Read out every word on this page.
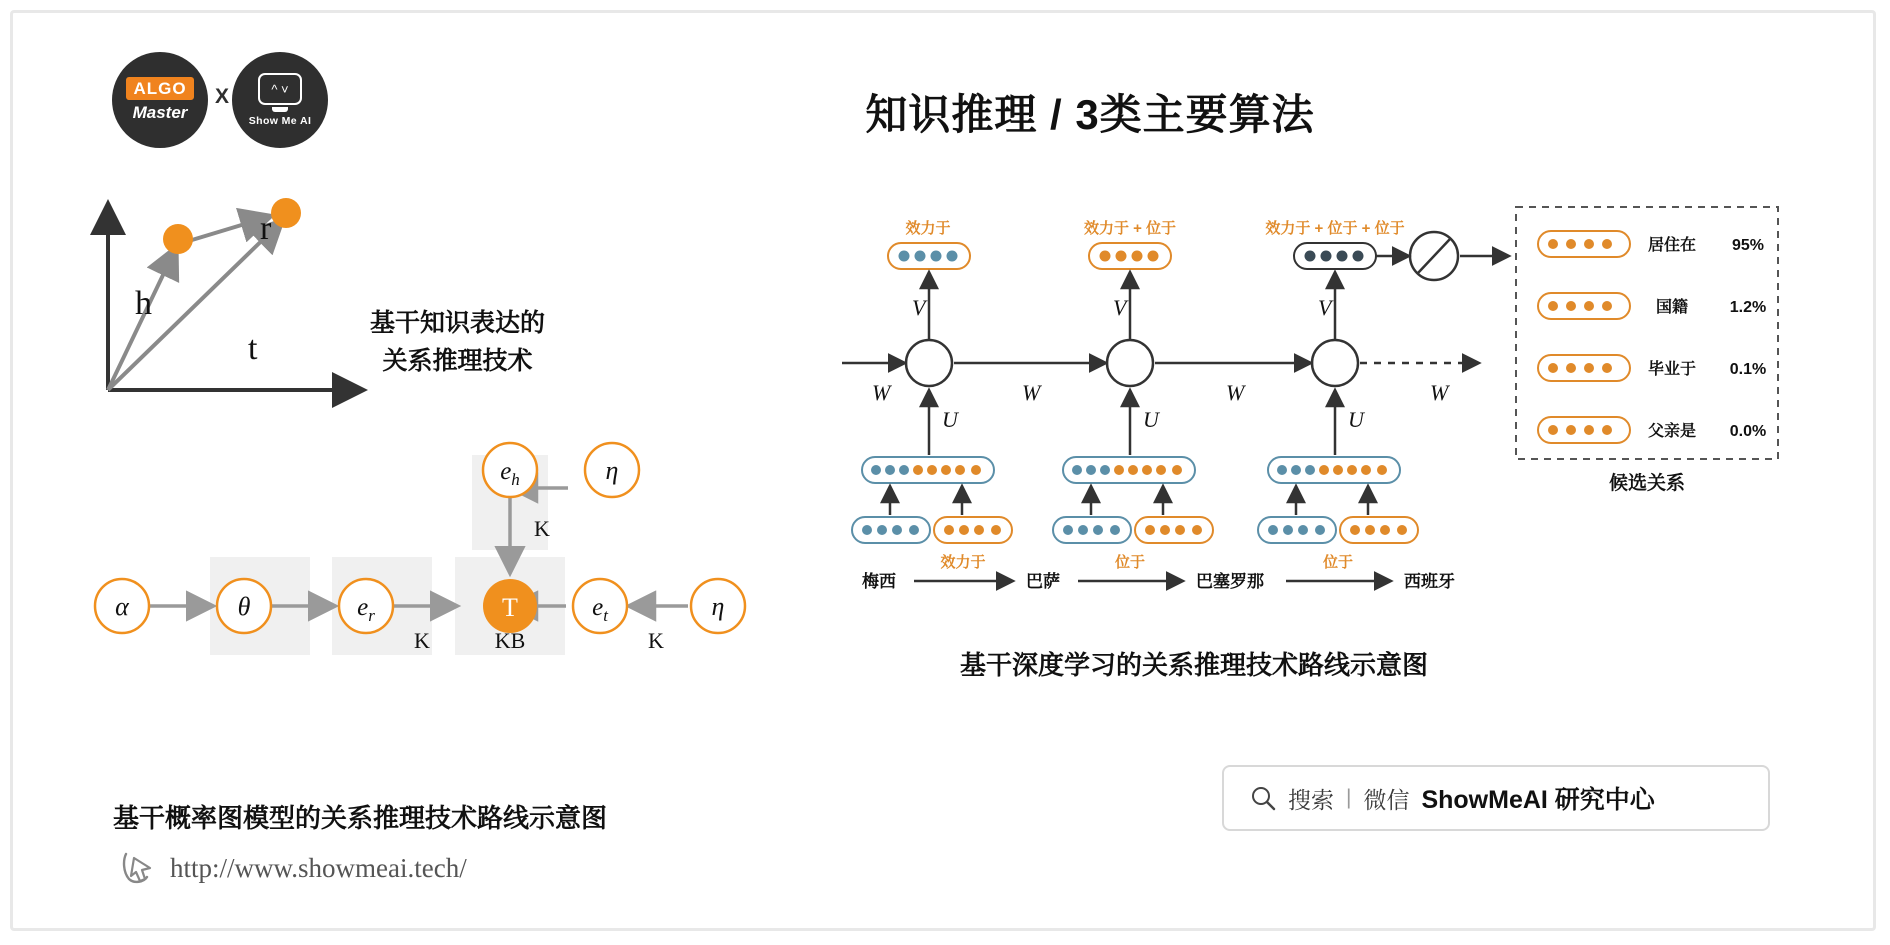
ALGO
Master
X	^ ˅
Show Me AI	知识推理 / 3类主要算法
h
r
t
基干知识表达的
关系推理技术
α	θ	$e_r$
K
T
KB
$e_t$
K
η
$e_h$
K
η
基干概率图模型的关系推理技术路线示意图
效力于
V
U
效力于 + 位于
V
U
效力于 + 位于 + 位于
V
U
W	W	W	W
居住在 95%
国籍	1.2%
毕业于 0.1%
父亲是 0.0%
候选关系
梅西
效力于
巴萨
位于
巴塞罗那
位于
西班牙
基干深度学习的关系推理技术路线示意图
搜索 | 微信 ShowMeAI 研究中心
http://www.showmeai.tech/
